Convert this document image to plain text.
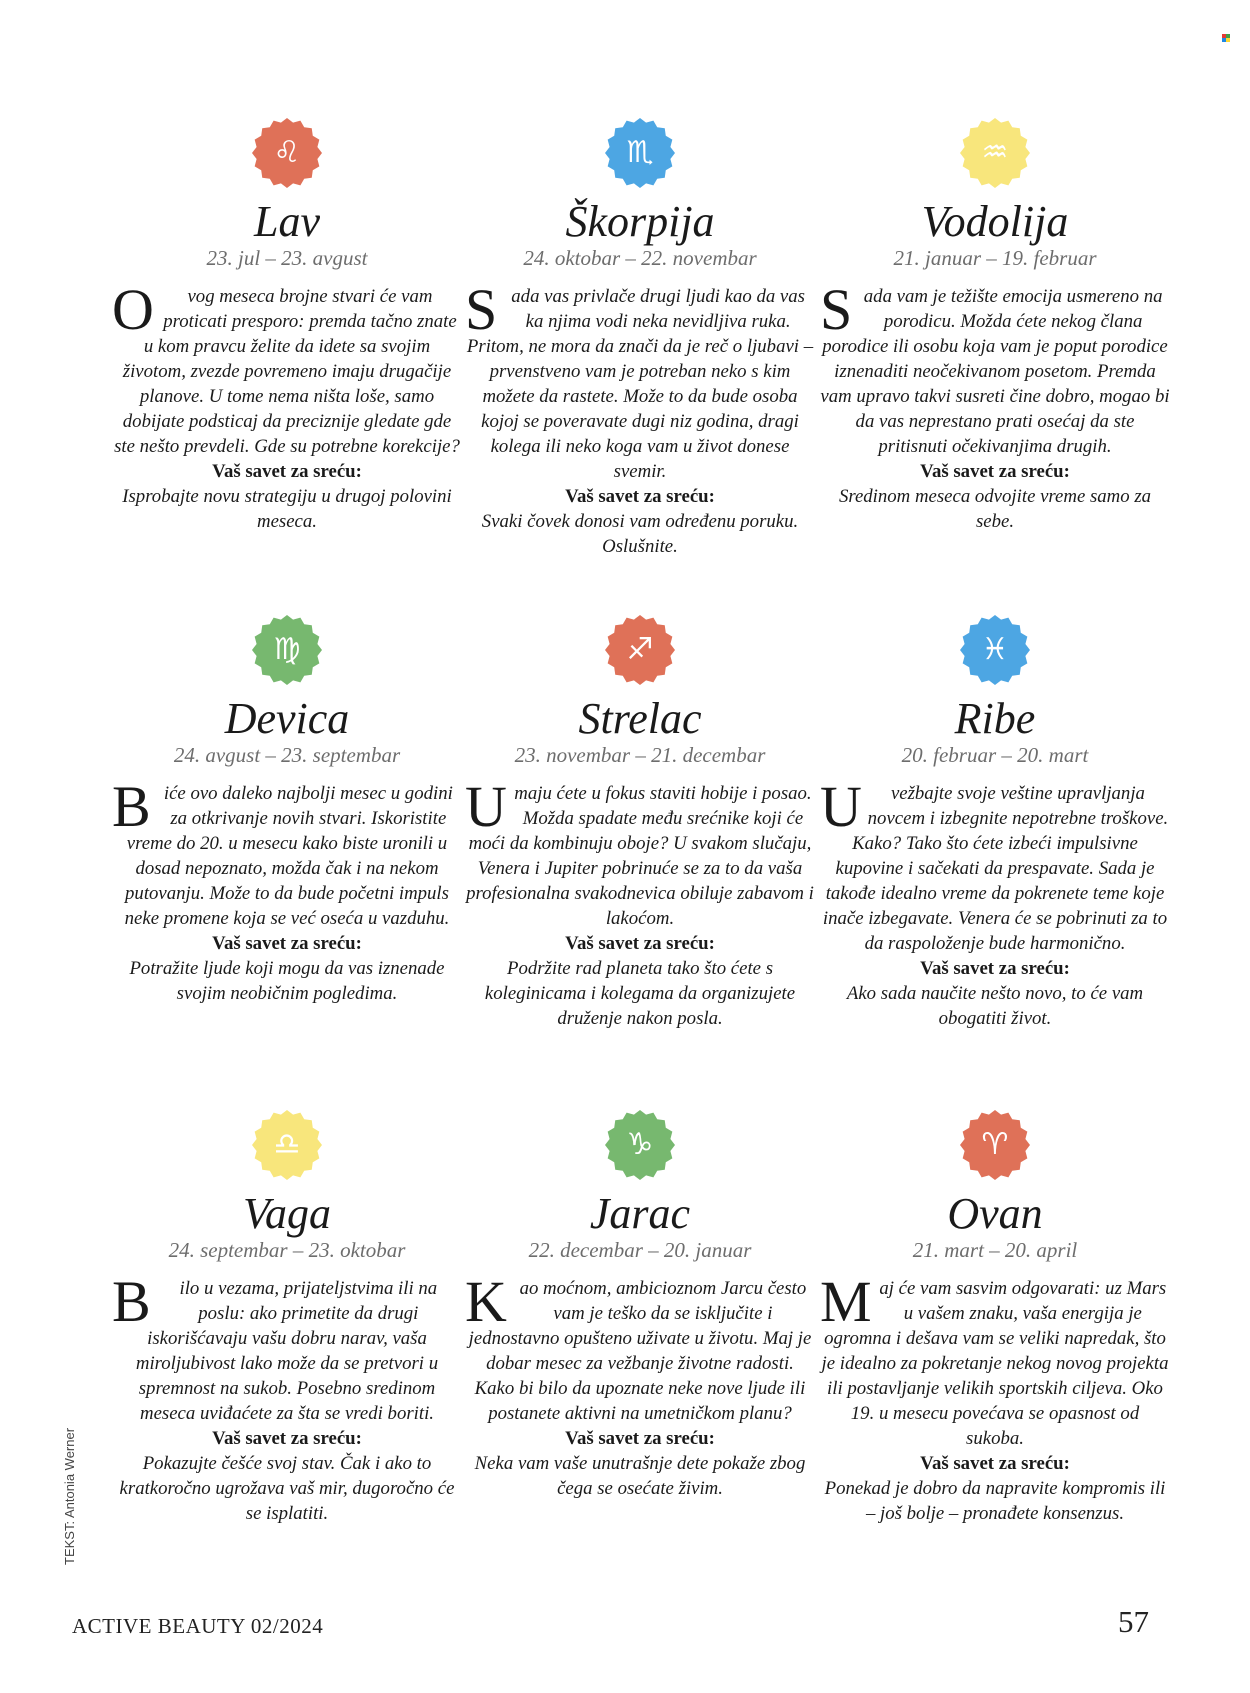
♌
Lav
23. jul – 23. avgust

O vog meseca brojne stvari će vam proticati presporo: premda tačno znate u kom pravcu želite da idete sa svojim životom, zvezde povremeno imaju drugačije planove. U tome nema ništa loše, samo dobijate podsticaj da preciznije gledate gde ste nešto prevdeli. Gde su potrebne korekcije?

Vaš savet za sreću:

Isprobajte novu strategiju u drugoj polovini meseca.

♏
Škorpija
24. oktobar – 22. novembar

Sada vas privlače drugi ljudi kao da vas ka njima vodi neka nevidljiva ruka. Pritom, ne mora da znači da je reč o ljubavi – prvenstveno vam je potreban neko s kim možete da rastete. Može to da bude osoba kojoj se poveravate dugi niz godina, dragi kolega ili neko koga vam u život donese svemir.

Vaš savet za sreću:

Svaki čovek donosi vam određenu poruku. Oslušnite.

♒
Vodolija
21. januar – 19. februar

Sada vam je težište emocija usmereno na porodicu. Možda ćete nekog člana porodice ili osobu koja vam je poput porodice iznenaditi neočekivanom posetom. Premda vam upravo takvi susreti čine dobro, mogao bi da vas neprestano prati osećaj da ste pritisnuti očekivanjima drugih.

Vaš savet za sreću:

Sredinom meseca odvojite vreme samo za sebe.

♍
Devica
24. avgust – 23. septembar

Biće ovo daleko najbolji mesec u godini za otkrivanje novih stvari. Iskoristite vreme do 20. u mesecu kako biste uronili u dosad nepoznato, možda čak i na nekom putovanju. Može to da bude početni impuls neke promene koja se već oseća u vazduhu.

Vaš savet za sreću:

Potražite ljude koji mogu da vas iznenade svojim neobičnim pogledima.

♐
Strelac
23. novembar – 21. decembar

Umaju ćete u fokus staviti hobije i posao. Možda spadate među srećnike koji će moći da kombinuju oboje? U svakom slučaju, Venera i Jupiter pobrinuće se za to da vaša profesionalna svakodnevica obiluje zabavom i lakoćom.

Vaš savet za sreću:

Podržite rad planeta tako što ćete s koleginicama i kolegama da organizujete druženje nakon posla.

♓
Ribe
20. februar – 20. mart

U vežbajte svoje veštine upravljanja novcem i izbegnite nepotrebne troškove. Kako? Tako što ćete izbeći impulsivne kupovine i sačekati da prespavate. Sada je takođe idealno vreme da pokrenete teme koje inače izbegavate. Venera će se pobrinuti za to da raspoloženje bude harmonično.

Vaš savet za sreću:

Ako sada naučite nešto novo, to će vam obogatiti život.

♎
Vaga
24. septembar – 23. oktobar

B ilo u vezama, prijateljstvima ili na poslu: ako primetite da drugi iskorišćavaju vašu dobru narav, vaša miroljubivost lako može da se pretvori u spremnost na sukob. Posebno sredinom meseca uviđaćete za šta se vredi boriti.

Vaš savet za sreću:

Pokazujte češće svoj stav. Čak i ako to kratkoročno ugrožava vaš mir, dugoročno će se isplatiti.

♑
Jarac
22. decembar – 20. januar

Kao moćnom, ambicioznom Jarcu često vam je teško da se isključite i jednostavno opušteno uživate u životu. Maj je dobar mesec za vežbanje životne radosti. Kako bi bilo da upoznate neke nove ljude ili postanete aktivni na umetničkom planu?

Vaš savet za sreću:

Neka vam vaše unutrašnje dete pokaže zbog čega se osećate živim.

♈
Ovan
21. mart – 20. april

Maj će vam sasvim odgovarati: uz Mars u vašem znaku, vaša energija je ogromna i dešava vam se veliki napredak, što je idealno za pokretanje nekog novog projekta ili postavljanje velikih sportskih ciljeva. Oko 19. u mesecu povećava se opasnost od sukoba.

Vaš savet za sreću:

Ponekad je dobro da napravite kompromis ili – još bolje – pronađete konsenzus.

TEKST: Antonia Werner
ACTIVE BEAUTY 02/2024	57
